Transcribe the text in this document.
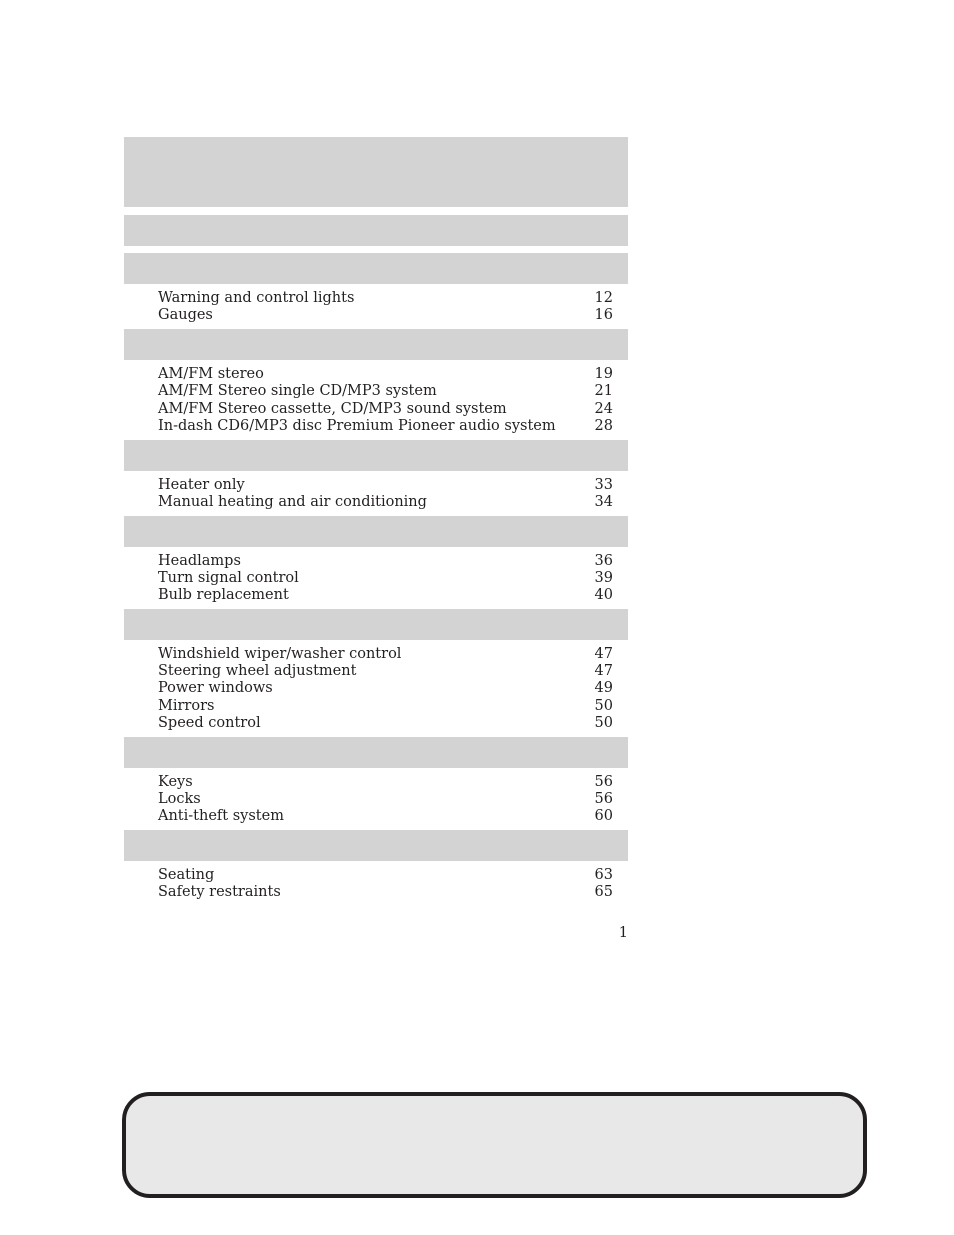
Warning and control lights	12
Gauges	16
AM/FM stereo	19
AM/FM Stereo single CD/MP3 system	21
AM/FM Stereo cassette, CD/MP3 sound system	24
In-dash CD6/MP3 disc Premium Pioneer audio system	28
Heater only	33
Manual heating and air conditioning	34
Headlamps	36
Turn signal control	39
Bulb replacement	40
Windshield wiper/washer control	47
Steering wheel adjustment	47
Power windows	49
Mirrors	50
Speed control	50
Keys	56
Locks	56
Anti-theft system	60
Seating	63
Safety restraints	65
1
